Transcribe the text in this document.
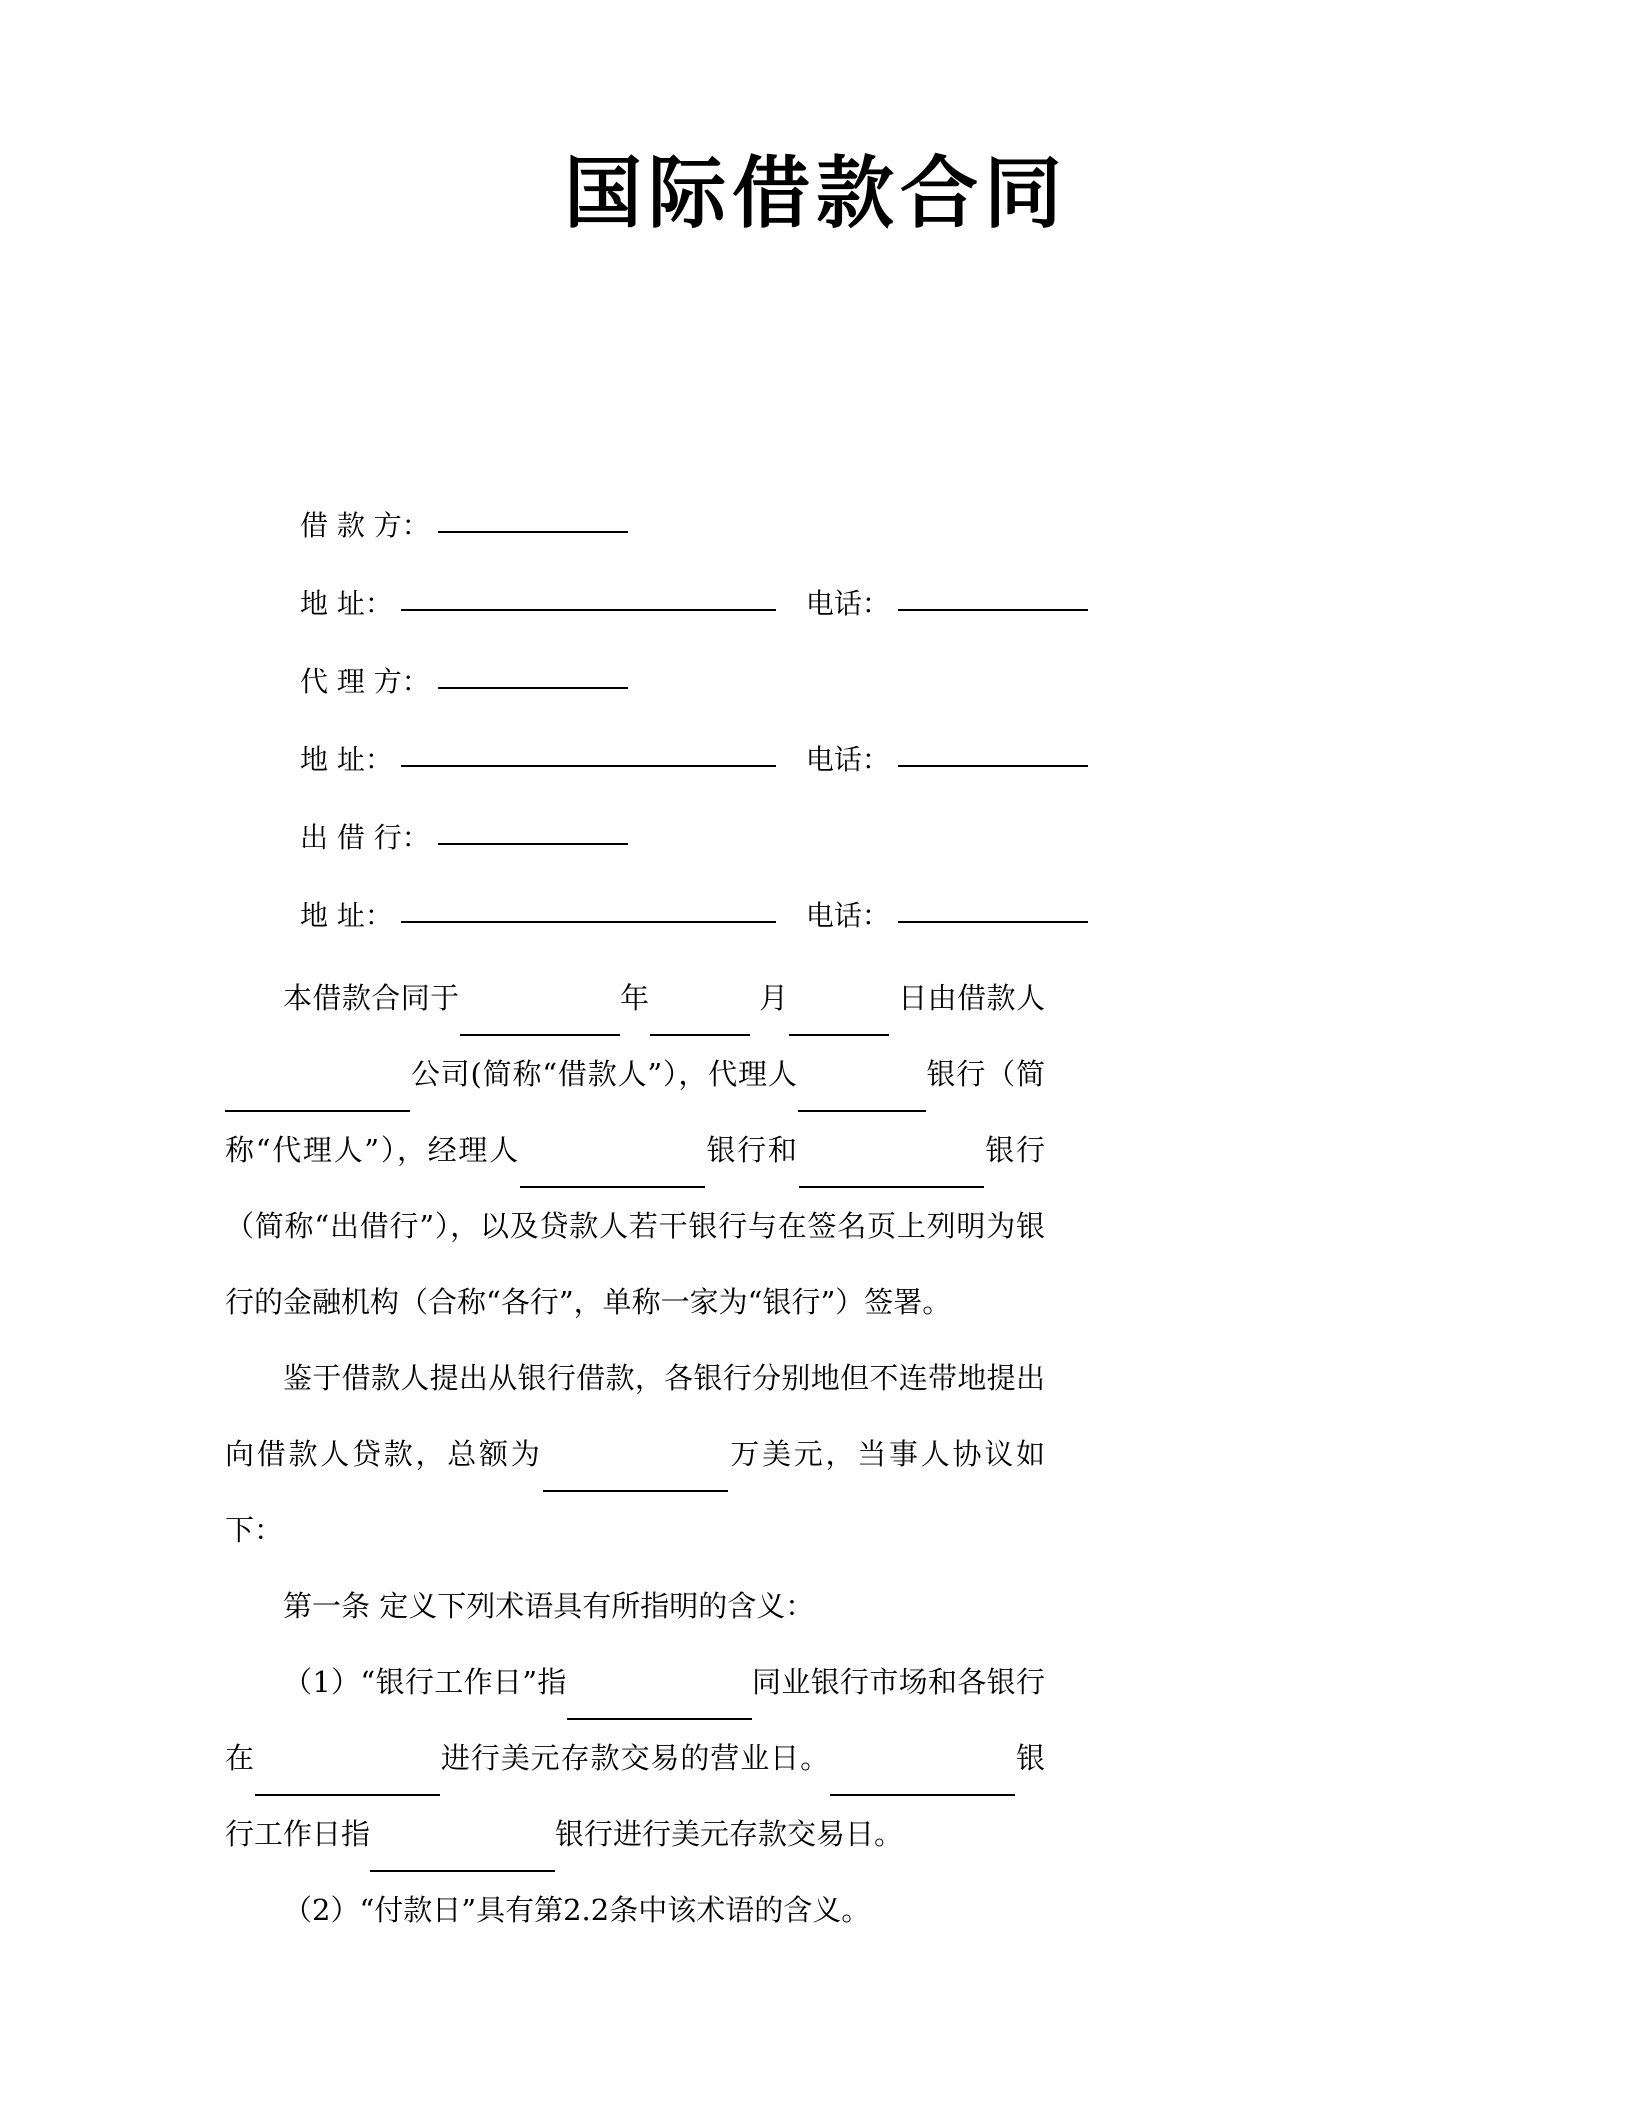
国际借款合同
借 款 方：
地 址：	电话：
代 理 方：
地 址：	电话：
出 借 行：
地 址：	电话：

本借款合同于	年	月	日由借款人公司(简称“借款人”），代理人	银行（简称“代理人”），经理人	银行和	银行（简称“出借行”），以及贷款人若干银行与在签名页上列明为银行的金融机构（合称“各行”，单称一家为“银行”）签署。

鉴于借款人提出从银行借款，各银行分别地但不连带地提出向借款人贷款，总额为	万美元，当事人协议如下：

第一条 定义下列术语具有所指明的含义：

（1）“银行工作日”指	同业银行市场和各银行在	进行美元存款交易的营业日。	银行工作日指	银行进行美元存款交易日。

（2）“付款日”具有第2.2条中该术语的含义。
